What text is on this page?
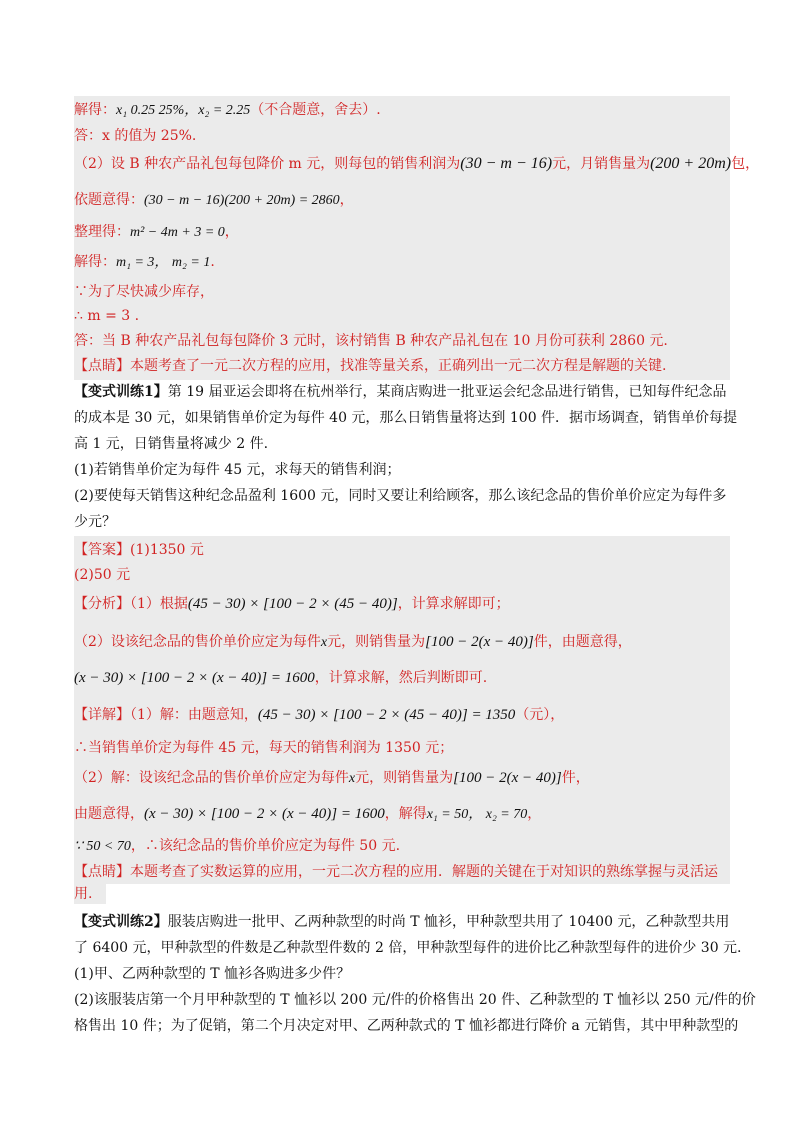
解得：x₁ 0.25 25%，x₂ = 2.25（不合题意，舍去）.
答：x 的值为 25%.
（2）设 B 种农产品礼包每包降价 m 元，则每包的销售利润为(30 − m − 16)元，月销售量为(200 + 20m)包，
依题意得：(30 − m − 16)(200 + 20m) = 2860，
整理得：m² − 4m + 3 = 0，
解得：m₁ = 3， m₂ = 1.
∵为了尽快减少库存，
∴ m = 3 .
答：当 B 种农产品礼包每包降价 3 元时，该村销售 B 种农产品礼包在 10 月份可获利 2860 元.
【点睛】本题考查了一元二次方程的应用，找准等量关系，正确列出一元二次方程是解题的关键.
【变式训练1】第 19 届亚运会即将在杭州举行，某商店购进一批亚运会纪念品进行销售，已知每件纪念品
的成本是 30 元，如果销售单价定为每件 40 元，那么日销售量将达到 100 件．据市场调查，销售单价每提
高 1 元，日销售量将减少 2 件.
(1)若销售单价定为每件 45 元，求每天的销售利润；
(2)要使每天销售这种纪念品盈利 1600 元，同时又要让利给顾客，那么该纪念品的售价单价应定为每件多
少元？
【答案】(1)1350 元
(2)50 元
【分析】（1）根据(45 − 30) × [100 − 2 × (45 − 40)]，计算求解即可；
（2）设该纪念品的售价单价应定为每件x元，则销售量为[100 − 2(x − 40)]件，由题意得，
(x − 30) × [100 − 2 × (x − 40)] = 1600，计算求解，然后判断即可.
【详解】（1）解：由题意知，(45 − 30) × [100 − 2 × (45 − 40)] = 1350（元），
∴当销售单价定为每件 45 元，每天的销售利润为 1350 元；
（2）解：设该纪念品的售价单价应定为每件x元，则销售量为[100 − 2(x − 40)]件，
由题意得，(x − 30) × [100 − 2 × (x − 40)] = 1600，解得x₁ = 50， x₂ = 70，
∵ 50 < 70，∴该纪念品的售价单价应定为每件 50 元.
【点睛】本题考查了实数运算的应用，一元二次方程的应用．解题的关键在于对知识的熟练掌握与灵活运
用.
【变式训练2】服装店购进一批甲、乙两种款型的时尚 T 恤衫，甲种款型共用了 10400 元，乙种款型共用
了 6400 元，甲种款型的件数是乙种款型件数的 2 倍，甲种款型每件的进价比乙种款型每件的进价少 30 元.
(1)甲、乙两种款型的 T 恤衫各购进多少件？
(2)该服装店第一个月甲种款型的 T 恤衫以 200 元/件的价格售出 20 件、乙种款型的 T 恤衫以 250 元/件的价
格售出 10 件；为了促销，第二个月决定对甲、乙两种款式的 T 恤衫都进行降价 a 元销售，其中甲种款型的
